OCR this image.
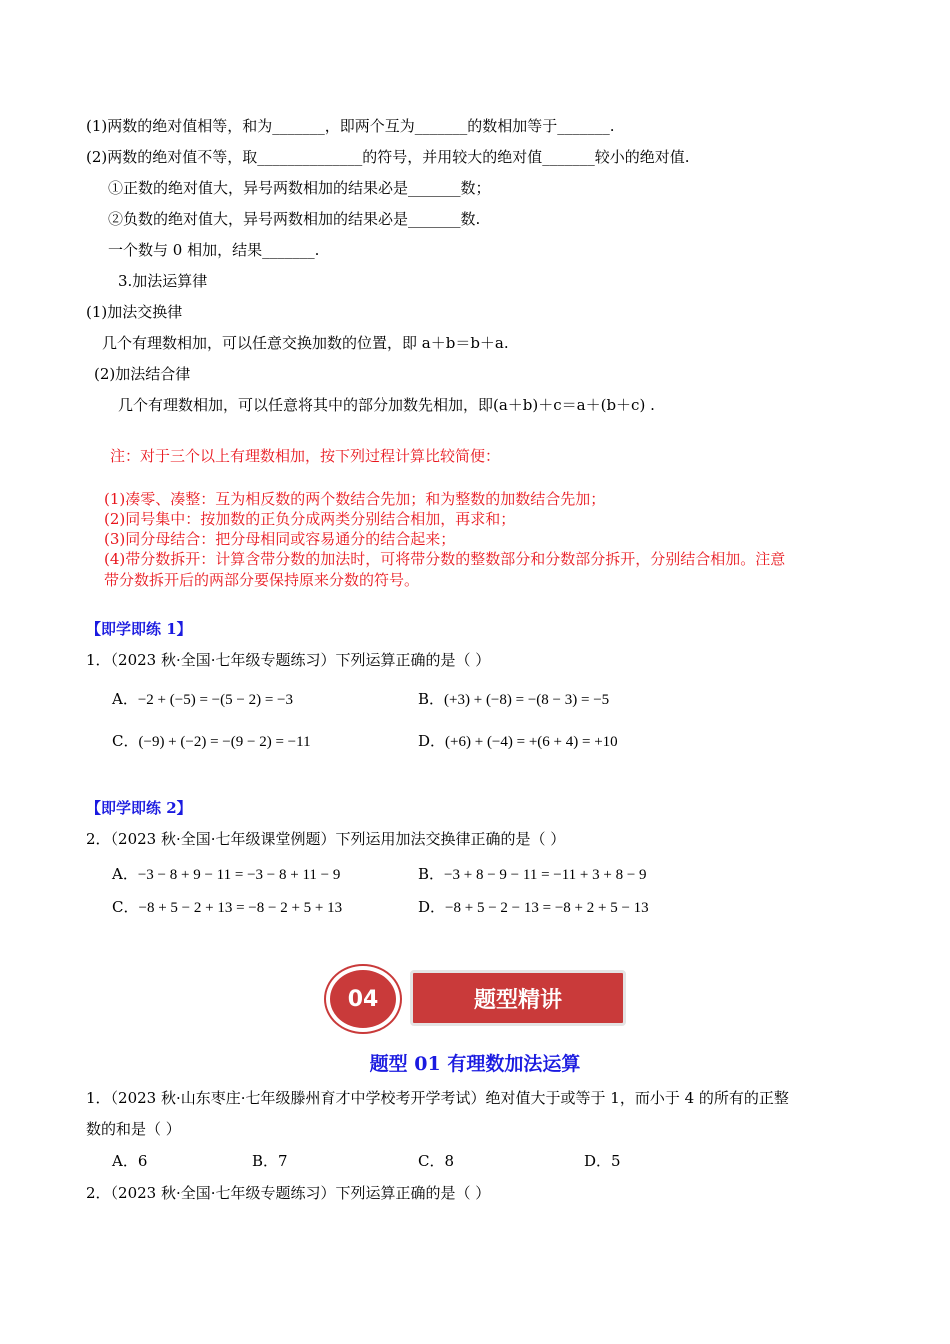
(1)两数的绝对值相等，和为_______，即两个互为_______的数相加等于_______.
(2)两数的绝对值不等，取______________的符号，并用较大的绝对值_______较小的绝对值.
①正数的绝对值大，异号两数相加的结果必是_______数；
②负数的绝对值大，异号两数相加的结果必是_______数.
一个数与 0 相加，结果_______.
3.加法运算律
(1)加法交换律
几个有理数相加，可以任意交换加数的位置，即 a＋b＝b＋a.
(2)加法结合律
几个有理数相加，可以任意将其中的部分加数先相加，即(a＋b)＋c＝a＋(b＋c) .
注：对于三个以上有理数相加，按下列过程计算比较简便：
(1)凑零、凑整：互为相反数的两个数结合先加；和为整数的加数结合先加；
(2)同号集中：按加数的正负分成两类分别结合相加，再求和；
(3)同分母结合：把分母相同或容易通分的结合起来；
(4)带分数拆开：计算含带分数的加法时，可将带分数的整数部分和分数部分拆开，分别结合相加。注意
带分数拆开后的两部分要保持原来分数的符号。
【即学即练 1】
1．（2023 秋·全国·七年级专题练习）下列运算正确的是（ ）
A．−2 + (−5) = −(5 − 2) = −3	B．(+3) + (−8) = −(8 − 3) = −5
C．(−9) + (−2) = −(9 − 2) = −11	D．(+6) + (−4) = +(6 + 4) = +10
【即学即练 2】
2．（2023 秋·全国·七年级课堂例题）下列运用加法交换律正确的是（ ）
A．−3 − 8 + 9 − 11 = −3 − 8 + 11 − 9	B．−3 + 8 − 9 − 11 = −11 + 3 + 8 − 9
C．−8 + 5 − 2 + 13 = −8 − 2 + 5 + 13	D．−8 + 5 − 2 − 13 = −8 + 2 + 5 − 13
04	题型精讲
题型 01 有理数加法运算
1．（2023 秋·山东枣庄·七年级滕州育才中学校考开学考试）绝对值大于或等于 1，而小于 4 的所有的正整
数的和是（ ）
A．6	B．7	C．8	D．5
2．（2023 秋·全国·七年级专题练习）下列运算正确的是（ ）
